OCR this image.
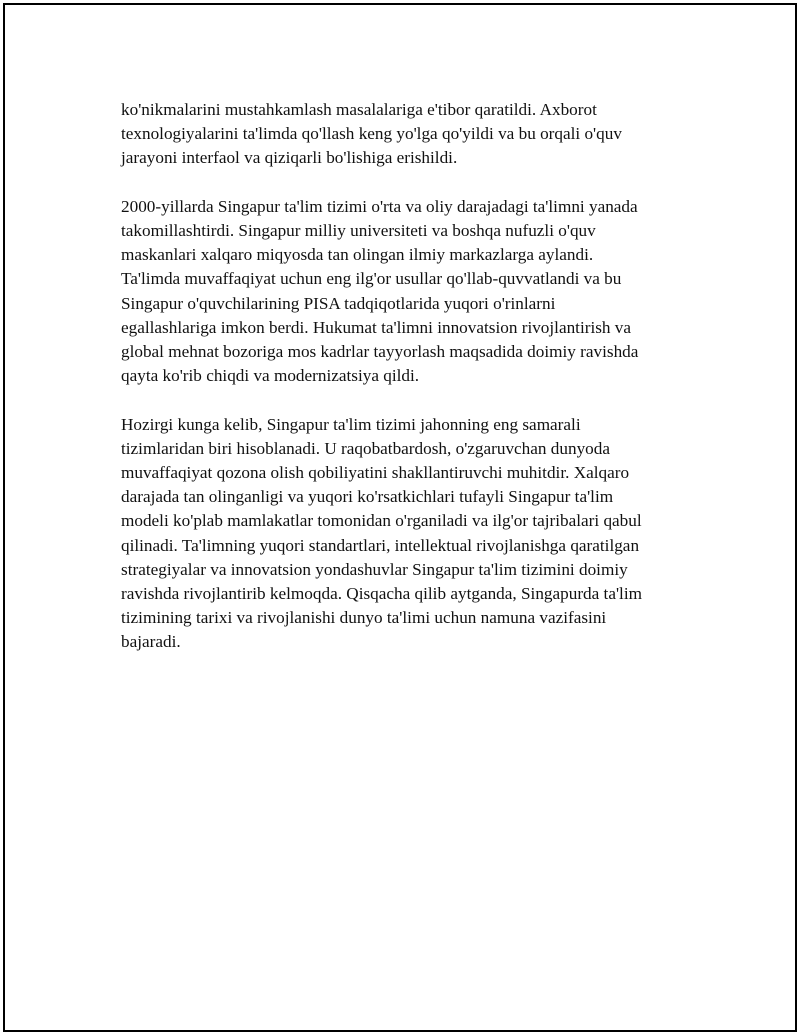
ko'nikmalarini mustahkamlash masalalariga e'tibor qaratildi. Axborot
texnologiyalarini ta'limda qo'llash keng yo'lga qo'yildi va bu orqali o'quv
jarayoni interfaol va qiziqarli bo'lishiga erishildi.

2000-yillarda Singapur ta'lim tizimi o'rta va oliy darajadagi ta'limni yanada
takomillashtirdi. Singapur milliy universiteti va boshqa nufuzli o'quv
maskanlari xalqaro miqyosda tan olingan ilmiy markazlarga aylandi.
Ta'limda muvaffaqiyat uchun eng ilg'or usullar qo'llab-quvvatlandi va bu
Singapur o'quvchilarining PISA tadqiqotlarida yuqori o'rinlarni
egallashlariga imkon berdi. Hukumat ta'limni innovatsion rivojlantirish va
global mehnat bozoriga mos kadrlar tayyorlash maqsadida doimiy ravishda
qayta ko'rib chiqdi va modernizatsiya qildi.

Hozirgi kunga kelib, Singapur ta'lim tizimi jahonning eng samarali
tizimlaridan biri hisoblanadi. U raqobatbardosh, o'zgaruvchan dunyoda
muvaffaqiyat qozona olish qobiliyatini shakllantiruvchi muhitdir. Xalqaro
darajada tan olinganligi va yuqori ko'rsatkichlari tufayli Singapur ta'lim
modeli ko'plab mamlakatlar tomonidan o'rganiladi va ilg'or tajribalari qabul
qilinadi. Ta'limning yuqori standartlari, intellektual rivojlanishga qaratilgan
strategiyalar va innovatsion yondashuvlar Singapur ta'lim tizimini doimiy
ravishda rivojlantirib kelmoqda. Qisqacha qilib aytganda, Singapurda ta'lim
tizimining tarixi va rivojlanishi dunyo ta'limi uchun namuna vazifasini
bajaradi.
